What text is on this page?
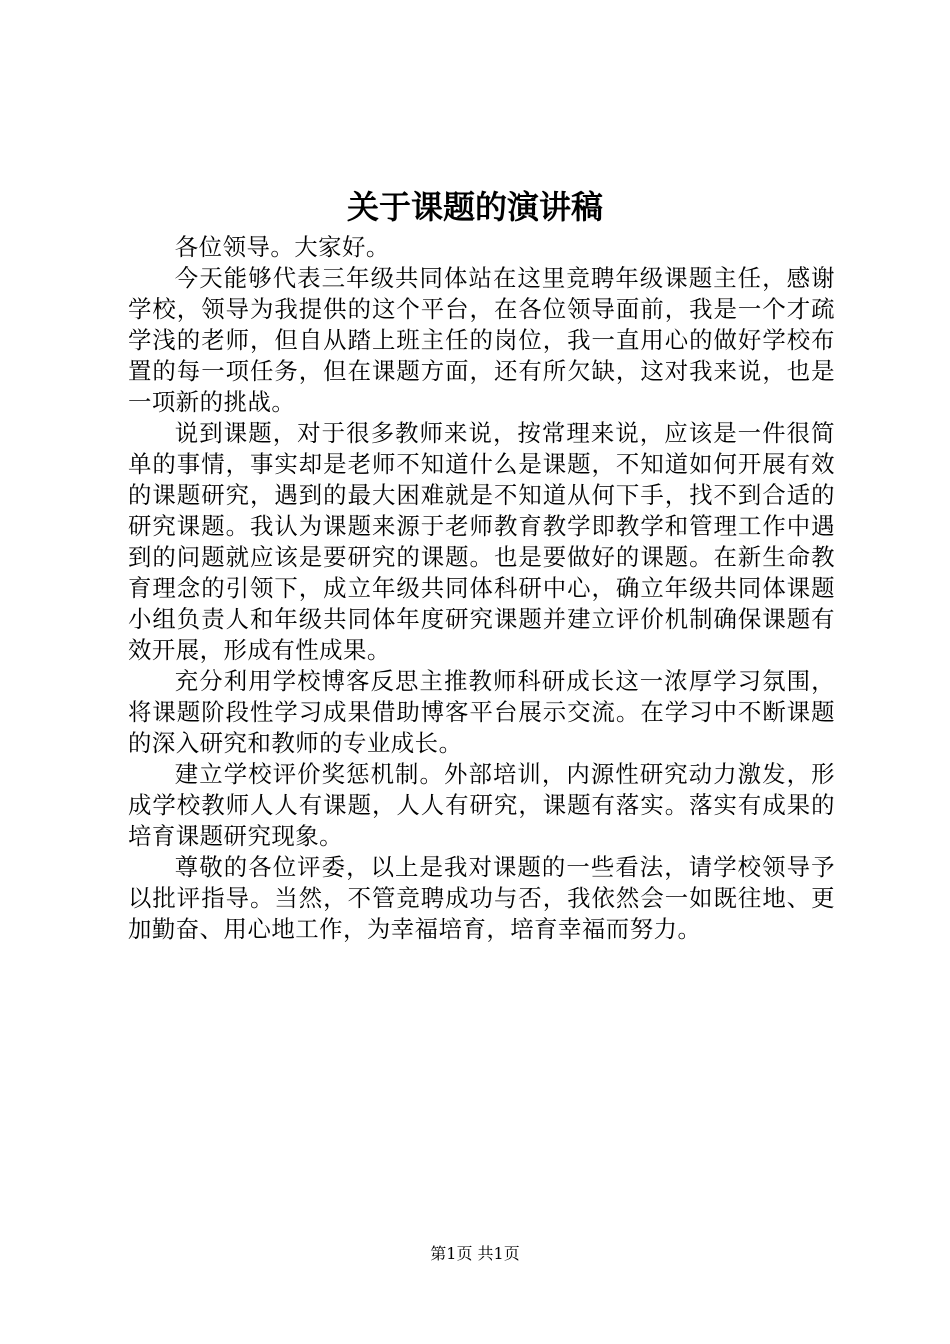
关于课题的演讲稿

各位领导。大家好。

今天能够代表三年级共同体站在这里竞聘年级课题主任，感谢学校，领导为我提供的这个平台，在各位领导面前，我是一个才疏学浅的老师，但自从踏上班主任的岗位，我一直用心的做好学校布置的每一项任务，但在课题方面，还有所欠缺，这对我来说，也是一项新的挑战。

说到课题，对于很多教师来说，按常理来说，应该是一件很简单的事情，事实却是老师不知道什么是课题，不知道如何开展有效的课题研究，遇到的最大困难就是不知道从何下手，找不到合适的研究课题。我认为课题来源于老师教育教学即教学和管理工作中遇到的问题就应该是要研究的课题。也是要做好的课题。在新生命教育理念的引领下，成立年级共同体科研中心，确立年级共同体课题小组负责人和年级共同体年度研究课题并建立评价机制确保课题有效开展，形成有性成果。

充分利用学校博客反思主推教师科研成长这一浓厚学习氛围，将课题阶段性学习成果借助博客平台展示交流。在学习中不断课题的深入研究和教师的专业成长。

建立学校评价奖惩机制。外部培训，内源性研究动力激发，形成学校教师人人有课题，人人有研究，课题有落实。落实有成果的培育课题研究现象。

尊敬的各位评委，以上是我对课题的一些看法，请学校领导予以批评指导。当然，不管竞聘成功与否，我依然会一如既往地、更加勤奋、用心地工作，为幸福培育，培育幸福而努力。

第1页 共1页
